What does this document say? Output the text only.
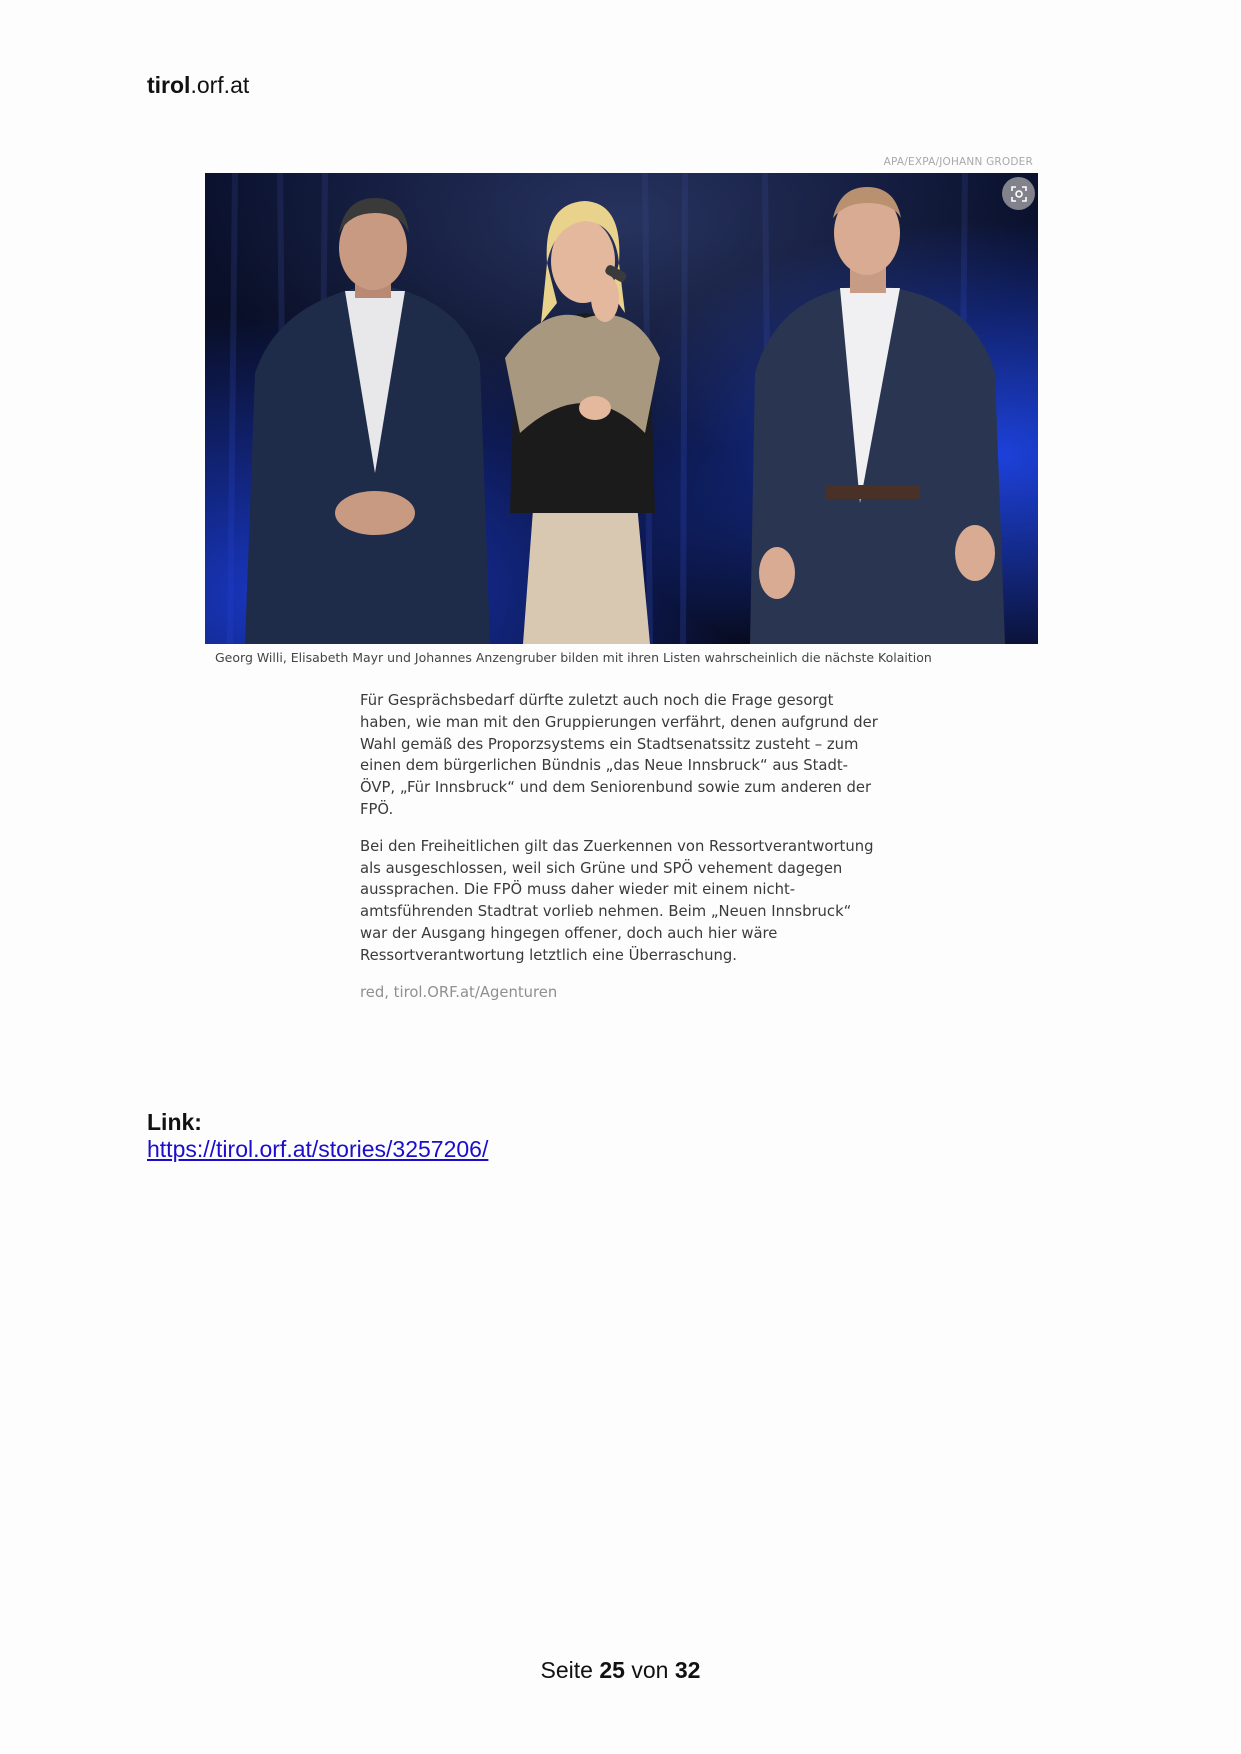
tirol.orf.at
APA/EXPA/JOHANN GRODER
Georg Willi, Elisabeth Mayr und Johannes Anzengruber bilden mit ihren Listen wahrscheinlich die nächste Kolaition

Für Gesprächsbedarf dürfte zuletzt auch noch die Frage gesorgt haben, wie man mit den Gruppierungen verfährt, denen aufgrund der Wahl gemäß des Proporzsystems ein Stadtsenatssitz zusteht – zum einen dem bürgerlichen Bündnis „das Neue Innsbruck“ aus Stadt-ÖVP, „Für Innsbruck“ und dem Seniorenbund sowie zum anderen der FPÖ.

Bei den Freiheitlichen gilt das Zuerkennen von Ressortverantwortung als ausgeschlossen, weil sich Grüne und SPÖ vehement dagegen aussprachen. Die FPÖ muss daher wieder mit einem nicht-amtsführenden Stadtrat vorlieb nehmen. Beim „Neuen Innsbruck“ war der Ausgang hingegen offener, doch auch hier wäre Ressortverantwortung letztlich eine Überraschung.

red, tirol.ORF.at/Agenturen

Link:
https://tirol.orf.at/stories/3257206/
Seite 25 von 32
